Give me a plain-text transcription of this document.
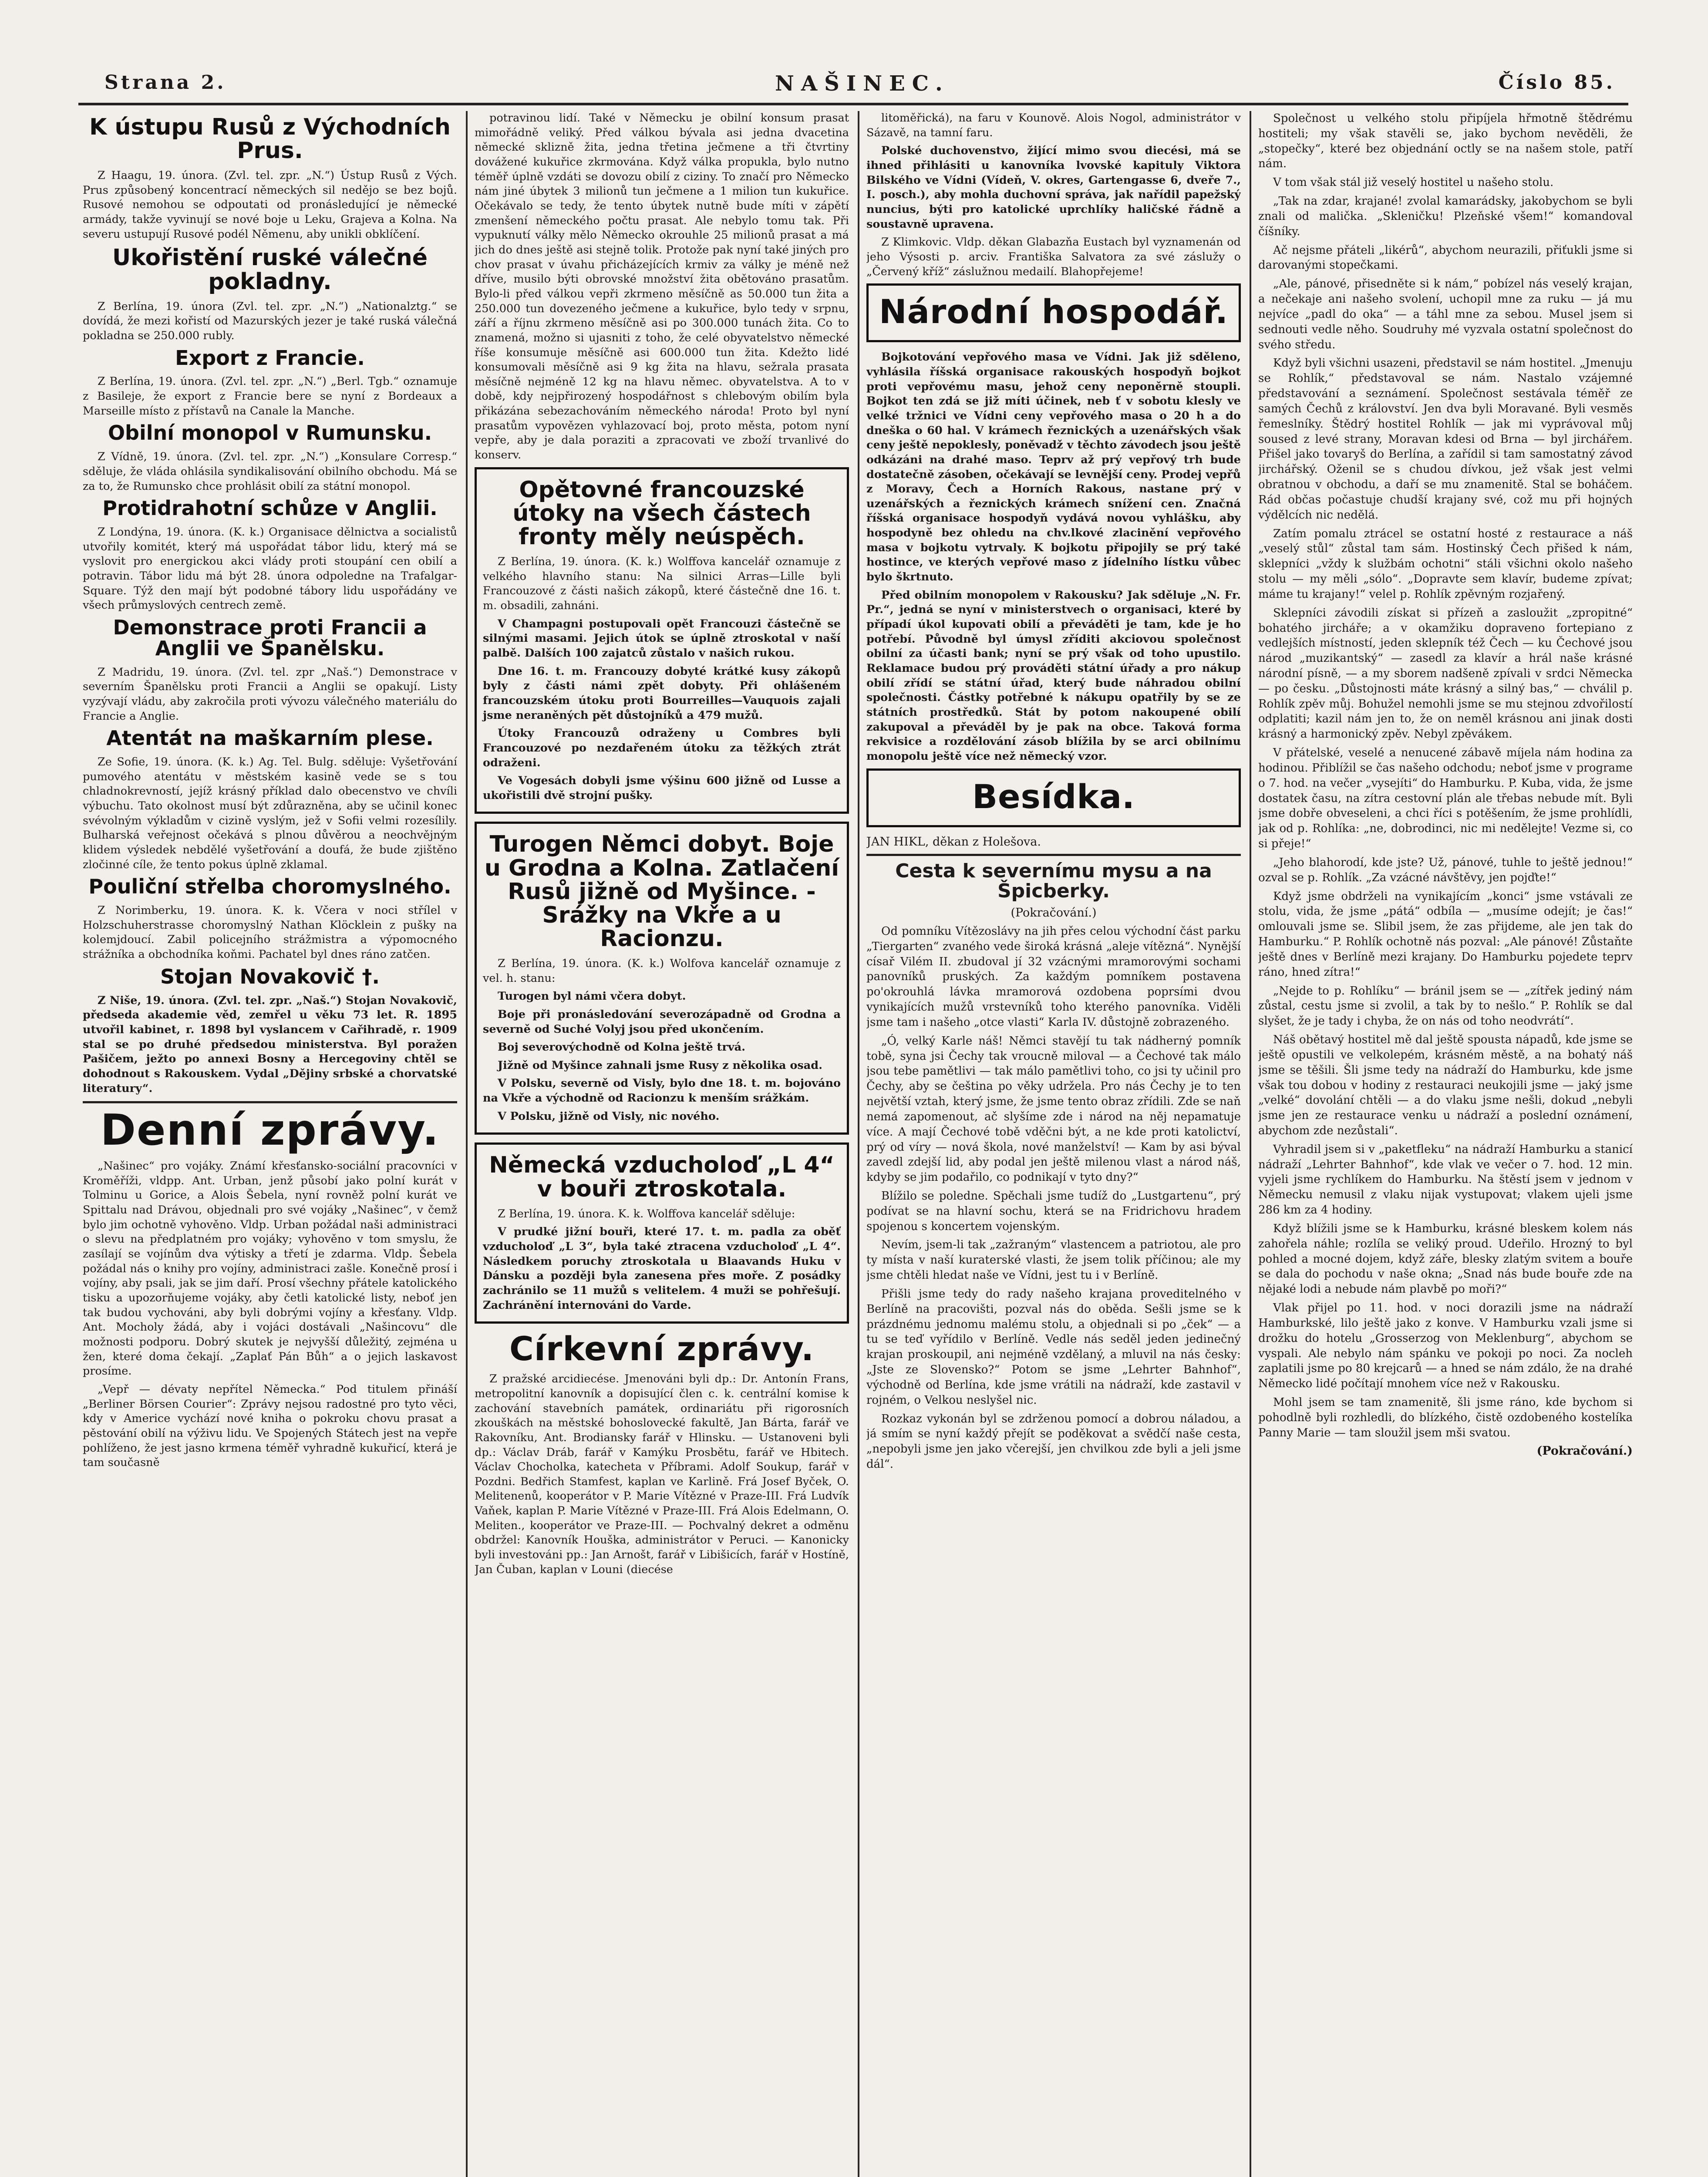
Strana 2.	NAŠINEC.	Číslo 85.
K ústupu Rusů z Východních Prus.

Z Haagu, 19. února. (Zvl. tel. zpr. „N.“) Ústup Rusů z Vých. Prus způsobený koncentrací německých sil nedějo se bez bojů. Rusové nemohou se odpoutati od pronásledující je německé armády, takže vyvinují se nové boje u Leku, Grajeva a Kolna. Na severu ustupují Rusové podél Němenu, aby unikli obklíčení.

Ukořistění ruské válečné pokladny.

Z Berlína, 19. února (Zvl. tel. zpr. „N.“) „Nationalztg.“ se dovídá, že mezi kořistí od Mazurských jezer je také ruská válečná pokladna se 250.000 rubly.

Export z Francie.

Z Berlína, 19. února. (Zvl. tel. zpr. „N.“) „Berl. Tgb.“ oznamuje z Basileje, že export z Francie bere se nyní z Bordeaux a Marseille místo z přístavů na Canale la Manche.

Obilní monopol v Rumunsku.

Z Vídně, 19. února. (Zvl. tel. zpr. „N.“) „Konsulare Corresp.“ sděluje, že vláda ohlásila syndikalisování obilního obchodu. Má se za to, že Rumunsko chce prohlásit obilí za státní monopol.

Protidrahotní schůze v Anglii.

Z Londýna, 19. února. (K. k.) Organisace dělnictva a socialistů utvořily komitét, který má uspořádat tábor lidu, který má se vyslovit pro energickou akci vlády proti stoupání cen obilí a potravin. Tábor lidu má být 28. února odpoledne na Trafalgar-Square. Týž den mají být podobné tábory lidu uspořádány ve všech průmyslových centrech země.

Demonstrace proti Francii a Anglii ve Španělsku.

Z Madridu, 19. února. (Zvl. tel. zpr „Naš.“) Demonstrace v severním Španělsku proti Francii a Anglii se opakují. Listy vyzývají vládu, aby zakročila proti vývozu válečného materiálu do Francie a Anglie.

Atentát na maškarním plese.

Ze Sofie, 19. února. (K. k.) Ag. Tel. Bulg. sděluje: Vyšetřování pumového atentátu v městském kasině vede se s tou chladnokrevností, jejíž krásný příklad dalo obecenstvo ve chvíli výbuchu. Tato okolnost musí být zdůrazněna, aby se učinil konec svévolným výkladům v cizině vyslým, jež v Sofii velmi rozesílily. Bulharská veřejnost očekává s plnou důvěrou a neochvějným klidem výsledek nebdělé vyšetřování a doufá, že bude zjištěno zločinné cíle, že tento pokus úplně zklamal.

Pouliční střelba choromyslného.

Z Norimberku, 19. února. K. k. Včera v noci střílel v Holzschuherstrasse choromyslný Nathan Klöcklein z pušky na kolemjdoucí. Zabil policejního strážmistra a výpomocného strážníka a obchodníka koňmi. Pachatel byl dnes ráno zatčen.

Stojan Novakovič †.

Z Niše, 19. února. (Zvl. tel. zpr. „Naš.“) Stojan Novakovič, předseda akademie věd, zemřel u věku 73 let. R. 1895 utvořil kabinet, r. 1898 byl vyslancem v Cařihradě, r. 1909 stal se po druhé předsedou ministerstva. Byl poražen Pašičem, ježto po annexi Bosny a Hercegoviny chtěl se dohodnout s Rakouskem. Vydal „Dějiny srbské a chorvatské literatury“.

Denní zprávy.

„Našinec“ pro vojáky. Známí křesťansko-sociální pracovníci v Kroměříži, vldpp. Ant. Urban, jenž působí jako polní kurát v Tolminu u Gorice, a Alois Šebela, nyní rovněž polní kurát ve Spittalu nad Drávou, objednali pro své vojáky „Našinec“, v čemž bylo jim ochotně vyhověno. Vldp. Urban požádal naši administraci o slevu na předplatném pro vojáky; vyhověno v tom smyslu, že zasílají se vojínům dva výtisky a třetí je zdarma. Vldp. Šebela požádal nás o knihy pro vojíny, administraci zašle. Konečně prosí i vojíny, aby psali, jak se jim daří. Prosí všechny přátele katolického tisku a upozorňujeme vojáky, aby četli katolické listy, neboť jen tak budou vychováni, aby byli dobrými vojíny a křesťany. Vldp. Ant. Mocholy žádá, aby i vojáci dostávali „Našincovu“ dle možnosti podporu. Dobrý skutek je nejvyšší důležitý, zejména u žen, které doma čekají. „Zaplať Pán Bůh“ a o jejich laskavost prosíme.

„Vepř — dévaty nepřítel Německa.“ Pod titulem přináší „Berliner Börsen Courier“: Zprávy nejsou radostné pro tyto věci, kdy v Americe vychází nové kniha o pokroku chovu prasat a pěstování obilí na výživu lidu. Ve Spojených Státech jest na vepře pohlíženo, že jest jasno krmena téměř vyhradně kukuřicí, která je tam současně

potravinou lidí. Také v Německu je obilní konsum prasat mimořádně veliký. Před válkou bývala asi jedna dvacetina německé sklizně žita, jedna třetina ječmene a tři čtvrtiny dovážené kukuřice zkrmována. Když válka propukla, bylo nutno téměř úplně vzdáti se dovozu obilí z ciziny. To značí pro Německo nám jiné úbytek 3 milionů tun ječmene a 1 milion tun kukuřice. Očekávalo se tedy, že tento úbytek nutně bude míti v zápětí zmenšení německého počtu prasat. Ale nebylo tomu tak. Při vypuknutí války mělo Německo okrouhle 25 milionů prasat a má jich do dnes ještě asi stejně tolik. Protože pak nyní také jiných pro chov prasat v úvahu přicházejících krmiv za války je méně než dříve, musilo býti obrovské množství žita obětováno prasatům. Bylo-li před válkou vepři zkrmeno měsíčně as 50.000 tun žita a 250.000 tun dovezeného ječmene a kukuřice, bylo tedy v srpnu, září a říjnu zkrmeno měsíčně asi po 300.000 tunách žita. Co to znamená, možno si ujasniti z toho, že celé obyvatelstvo německé říše konsumuje měsíčně asi 600.000 tun žita. Kdežto lidé konsumovali měsíčně asi 9 kg žita na hlavu, sežrala prasata měsíčně nejméně 12 kg na hlavu němec. obyvatelstva. A to v době, kdy nejpřirozený hospodářnost s chlebovým obilím byla přikázána sebezachováním německého národa! Proto byl nyní prasatům vypovězen vyhlazovací boj, proto města, potom nyní vepře, aby je dala poraziti a zpracovati ve zboží trvanlivé do konserv.

Opětovné francouzské útoky na všech částech fronty měly neúspěch.

Z Berlína, 19. února. (K. k.) Wolffova kancelář oznamuje z velkého hlavního stanu: Na silnici Arras—Lille byli Francouzové z části našich zákopů, které částečně dne 16. t. m. obsadili, zahnáni.

V Champagni postupovali opět Francouzi částečně se silnými masami. Jejich útok se úplně ztroskotal v naší palbě. Dalších 100 zajatců zůstalo v našich rukou.

Dne 16. t. m. Francouzy dobyté krátké kusy zákopů byly z části námi zpět dobyty. Při ohlášeném francouzském útoku proti Bourreilles—Vauquois zajali jsme neraněných pět důstojníků a 479 mužů.

Útoky Francouzů odraženy u Combres byli Francouzové po nezdařeném útoku za těžkých ztrát odraženi.

Ve Vogesách dobyli jsme výšinu 600 jižně od Lusse a ukořistili dvě strojní pušky.

Turogen Němci dobyt. Boje u Grodna a Kolna. Zatlačení Rusů jižně od Myšince. - Srážky na Vkře a u Racionzu.

Z Berlína, 19. února. (K. k.) Wolfova kancelář oznamuje z vel. h. stanu:

Turogen byl námi včera dobyt.

Boje při pronásledování severozápadně od Grodna a severně od Suché Volyj jsou před ukončením.

Boj severovýchodně od Kolna ještě trvá.

Jižně od Myšince zahnali jsme Rusy z několika osad.

V Polsku, severně od Visly, bylo dne 18. t. m. bojováno na Vkře a východně od Racionzu k menším srážkám.

V Polsku, jižně od Visly, nic nového.

Německá vzducholoď „L 4“ v bouři ztroskotala.

Z Berlína, 19. února. K. k. Wolffova kancelář sděluje:

V prudké jižní bouři, které 17. t. m. padla za oběť vzducholoď „L 3“, byla také ztracena vzducholoď „L 4“. Následkem poruchy ztroskotala u Blaavands Huku v Dánsku a později byla zanesena přes moře. Z posádky zachránilo se 11 mužů s velitelem. 4 muži se pohřešují. Zachránění internováni do Varde.

Církevní zprávy.

Z pražské arcidiecése. Jmenováni byli dp.: Dr. Antonín Frans, metropolitní kanovník a dopisující člen c. k. centrální komise k zachování stavebních památek, ordinariátu při rigorosních zkouškách na městské bohoslovecké fakultě, Jan Bárta, farář ve Rakovníku, Ant. Brodiansky farář v Hlinsku. — Ustanoveni byli dp.: Václav Dráb, farář v Kamýku Prosbětu, farář ve Hbitech. Václav Chocholka, katecheta v Příbrami. Adolf Soukup, farář v Pozdni. Bedřich Stamfest, kaplan ve Karlině. Frá Josef Byček, O. Melitenenů, kooperátor v P. Marie Vítězné v Praze-III. Frá Ludvík Vaňek, kaplan P. Marie Vítězné v Praze-III. Frá Alois Edelmann, O. Meliten., kooperátor ve Praze-III. — Pochvalný dekret a odměnu obdržel: Kanovník Houška, administrátor v Peruci. — Kanonicky byli investováni pp.: Jan Arnošt, farář v Libišicích, farář v Hostíně, Jan Čuban, kaplan v Louni (diecése

litoměřická), na faru v Kounově. Alois Nogol, administrátor v Sázavě, na tamní faru.

Polské duchovenstvo, žijící mimo svou diecési, má se ihned přihlásiti u kanovníka lvovské kapituly Viktora Bilského ve Vídni (Vídeň, V. okres, Gartengasse 6, dveře 7., I. posch.), aby mohla duchovní správa, jak nařídil papežský nuncius, býti pro katolické uprchlíky haličské řádně a soustavně upravena.

Z Klimkovic. Vldp. děkan Glabazňa Eustach byl vyznamenán od jeho Výsosti p. arciv. Františka Salvatora za své záslužy o „Červený kříž“ záslužnou medailí. Blahopřejeme!

Národní hospodář.

Bojkotování vepřového masa ve Vídni. Jak již sděleno, vyhlásila říšská organisace rakouských hospodyň bojkot proti vepřovému masu, jehož ceny neponěrně stoupli. Bojkot ten zdá se již míti účinek, neb ť v sobotu klesly ve velké tržnici ve Vídni ceny vepřového masa o 20 h a do dneška o 60 hal. V krámech řeznických a uzenářských však ceny ještě nepoklesly, poněvadž v těchto závodech jsou ještě odkázáni na drahé maso. Teprv až prý vepřový trh bude dostatečně zásoben, očekávají se levnější ceny. Prodej vepřů z Moravy, Čech a Horních Rakous, nastane prý v uzenářských a řeznických krámech snížení cen. Značná říšská organisace hospodyň vydává novou vyhlášku, aby hospodyně bez ohledu na chv.lkové zlacinění vepřového masa v bojkotu vytrvaly. K bojkotu připojily se prý také hostince, ve kterých vepřové maso z jídelního lístku vůbec bylo škrtnuto.

Před obilním monopolem v Rakousku? Jak sděluje „N. Fr. Pr.“, jedná se nyní v ministerstvech o organisaci, které by případí úkol kupovati obilí a převáděti je tam, kde je ho potřebí. Původně byl úmysl zříditi akciovou společnost obilní za účasti bank; nyní se prý však od toho upustilo. Reklamace budou prý prováděti státní úřady a pro nákup obilí zřídí se státní úřad, který bude náhradou obilní společnosti. Částky potřebné k nákupu opatřily by se ze státních prostředků. Stát by potom nakoupené obilí zakupoval a převáděl by je pak na obce. Taková forma rekvisice a rozdělování zásob blížila by se arci obilnímu monopolu ještě více než německý vzor.

Besídka.
JAN HIKL, děkan z Holešova.
Cesta k severnímu mysu a na Špicberky.
(Pokračování.)

Od pomníku Vítězoslávy na jih přes celou východní část parku „Tiergarten“ zvaného vede široká krásná „aleje vítězná“. Nynější císař Vilém II. zbudoval jí 32 vzácnými mramorovými sochami panovníků pruských. Za každým pomníkem postavena po'okrouhlá lávka mramorová ozdobena poprsími dvou vynikajících mužů vrstevníků toho kterého panovníka. Viděli jsme tam i našeho „otce vlasti“ Karla IV. důstojně zobrazeného.

„Ó, velký Karle náš! Němci stavějí tu tak nádherný pomník tobě, syna jsi Čechy tak vroucně miloval — a Čechové tak málo jsou tebe pamětlivi — tak málo pamětlivi toho, co jsi ty učinil pro Čechy, aby se čeština po věky udržela. Pro nás Čechy je to ten největší vztah, který jsme, že jsme tento obraz zřídili. Zde se naň nemá zapomenout, ač slyšíme zde i národ na něj nepamatuje více. A mají Čechové tobě vděčni být, a ne kde proti katolictví, prý od víry — nová škola, nové manželství! — Kam by asi býval zavedl zdejší lid, aby podal jen ještě milenou vlast a národ náš, kdyby se jim podařilo, co podnikají v tyto dny?“

Blížilo se poledne. Spěchali jsme tudíž do „Lustgartenu“, prý podívat se na hlavní sochu, která se na Fridrichovu hradem spojenou s koncertem vojenským.

Nevím, jsem-li tak „zažraným“ vlastencem a patriotou, ale pro ty místa v naší kuraterské vlasti, že jsem tolik příčinou; ale my jsme chtěli hledat naše ve Vídni, jest tu i v Berlíně.

Přišli jsme tedy do rady našeho krajana proveditelného v Berlíně na pracovišti, pozval nás do oběda. Sešli jsme se k prázdnému jednomu malému stolu, a objednali si po „ček“ — a tu se teď vyřídilo v Berlíně. Vedle nás seděl jeden jedinečný krajan proskoupil, ani nejméně vzdělaný, a mluvil na nás česky: „Jste ze Slovensko?“ Potom se jsme „Lehrter Bahnhof“, východně od Berlína, kde jsme vrátili na nádraží, kde zastavil v rojném, o Velkou neslyšel nic.

Rozkaz vykonán byl se zdrženou pomocí a dobrou náladou, a já smím se nyní každý přejít se poděkovat a svědčí naše cesta, „nepobyli jsme jen jako včerejší, jen chvilkou zde byli a jeli jsme dál“.

Společnost u velkého stolu připíjela hřmotně štědrému hostiteli; my však stavěli se, jako bychom nevěděli, že „stopečky“, které bez objednání octly se na našem stole, patří nám.

V tom však stál již veselý hostitel u našeho stolu.

„Tak na zdar, krajané! zvolal kamarádsky, jakobychom se byli znali od malička. „Skleničku! Plzeňské všem!“ komandoval číšníky.

Ač nejsme přáteli „likérů“, abychom neurazili, přiťukli jsme si darovanými stopečkami.

„Ale, pánové, přisedněte si k nám,“ pobízel nás veselý krajan, a nečekaje ani našeho svolení, uchopil mne za ruku — já mu nejvíce „padl do oka“ — a táhl mne za sebou. Musel jsem si sednouti vedle něho. Soudruhy mé vyzvala ostatní společnost do svého středu.

Když byli všichni usazeni, představil se nám hostitel. „Jmenuju se Rohlík,“ představoval se nám. Nastalo vzájemné představování a seznámení. Společnost sestávala téměř ze samých Čechů z království. Jen dva byli Moravané. Byli vesměs řemeslníky. Štědrý hostitel Rohlík — jak mi vyprávoval můj soused z levé strany, Moravan kdesi od Brna — byl jirchářem. Přišel jako tovaryš do Berlína, a zařídil si tam samostatný závod jirchářský. Oženil se s chudou dívkou, jež však jest velmi obratnou v obchodu, a daří se mu znamenitě. Stal se boháčem. Rád občas počastuje chudší krajany své, což mu při hojných výdělcích nic nedělá.

Zatím pomalu ztrácel se ostatní hosté z restaurace a náš „veselý stůl“ zůstal tam sám. Hostinský Čech přišed k nám, sklepníci „vždy k službám ochotni“ stáli všichni okolo našeho stolu — my měli „sólo“. „Dopravte sem klavír, budeme zpívat; máme tu krajany!“ velel p. Rohlík zpěvným rozjařený.

Sklepníci závodili získat si přízeň a zasloužit „zpropitné“ bohatého jircháře; a v okamžiku dopraveno fortepiano z vedlejších místností, jeden sklepník též Čech — ku Čechové jsou národ „muzikantský“ — zasedl za klavír a hrál naše krásné národní písně, — a my sborem nadšeně zpívali v srdci Německa — po česku. „Důstojnosti máte krásný a silný bas,“ — chválil p. Rohlík zpěv můj. Bohužel nemohli jsme se mu stejnou zdvořilostí odplatiti; kazil nám jen to, že on neměl krásnou ani jinak dosti krásný a harmonický zpěv. Nebyl zpěvákem.

V přátelské, veselé a nenucené zábavě míjela nám hodina za hodinou. Přiblížil se čas našeho odchodu; neboť jsme v programe o 7. hod. na večer „vysejíti“ do Hamburku. P. Kuba, vida, že jsme dostatek času, na zítra cestovní plán ale třebas nebude mít. Byli jsme dobře obveseleni, a chci říci s potěšením, že jsme prohlídli, jak od p. Rohlíka: „ne, dobrodinci, nic mi nedělejte! Vezme si, co si přeje!“

„Jeho blahorodí, kde jste? Už, pánové, tuhle to ještě jednou!“ ozval se p. Rohlík. „Za vzácné návštěvy, jen pojďte!“

Když jsme obdrželi na vynikajícím „konci“ jsme vstávali ze stolu, vida, že jsme „pátá“ odbíla — „musíme odejít; je čas!“ omlouvali jsme se. Slibil jsem, že zas přijdeme, ale jen tak do Hamburku.“ P. Rohlík ochotně nás pozval: „Ale pánové! Zůstaňte ještě dnes v Berlíně mezi krajany. Do Hamburku pojedete teprv ráno, hned zítra!“

„Nejde to p. Rohlíku“ — bránil jsem se — „zítřek jediný nám zůstal, cestu jsme si zvolil, a tak by to nešlo.“ P. Rohlík se dal slyšet, že je tady i chyba, že on nás od toho neodvrátí“.

Náš obětavý hostitel mě dal ještě spousta nápadů, kde jsme se ještě opustili ve velkolepém, krásném městě, a na bohatý náš jsme se těšili. Šli jsme tedy na nádraží do Hamburku, kde jsme však tou dobou v hodiny z restauraci neukojili jsme — jaký jsme „velké“ dovolání chtěli — a do vlaku jsme nešli, dokud „nebyli jsme jen ze restaurace venku u nádraží a poslední oznámení, abychom zde nezůstali“.

Vyhradil jsem si v „paketfleku“ na nádraží Hamburku a stanicí nádraží „Lehrter Bahnhof“, kde vlak ve večer o 7. hod. 12 min. vyjeli jsme rychlíkem do Hamburku. Na štěstí jsem v jednom v Německu nemusil z vlaku nijak vystupovat; vlakem ujeli jsme 286 km za 4 hodiny.

Když blížili jsme se k Hamburku, krásné bleskem kolem nás zahořela náhle; rozlíla se veliký proud. Udeřilo. Hrozný to byl pohled a mocné dojem, když záře, blesky zlatým svitem a bouře se dala do pochodu v naše okna; „Snad nás bude bouře zde na nějaké lodi a nebude nám plavbě po moři?“

Vlak přijel po 11. hod. v noci dorazili jsme na nádraží Hamburkské, lilo ještě jako z konve. V Hamburku vzali jsme si drožku do hotelu „Grosserzog von Meklenburg“, abychom se vyspali. Ale nebylo nám spánku ve pokoji po noci. Za nocleh zaplatili jsme po 80 krejcarů — a hned se nám zdálo, že na drahé Německo lidé počítají mnohem více než v Rakousku.

Mohl jsem se tam znamenitě, šli jsme ráno, kde bychom si pohodlně byli rozhledli, do blízkého, čistě ozdobeného kostelíka Panny Marie — tam sloužil jsem mši svatou.

(Pokračování.)
